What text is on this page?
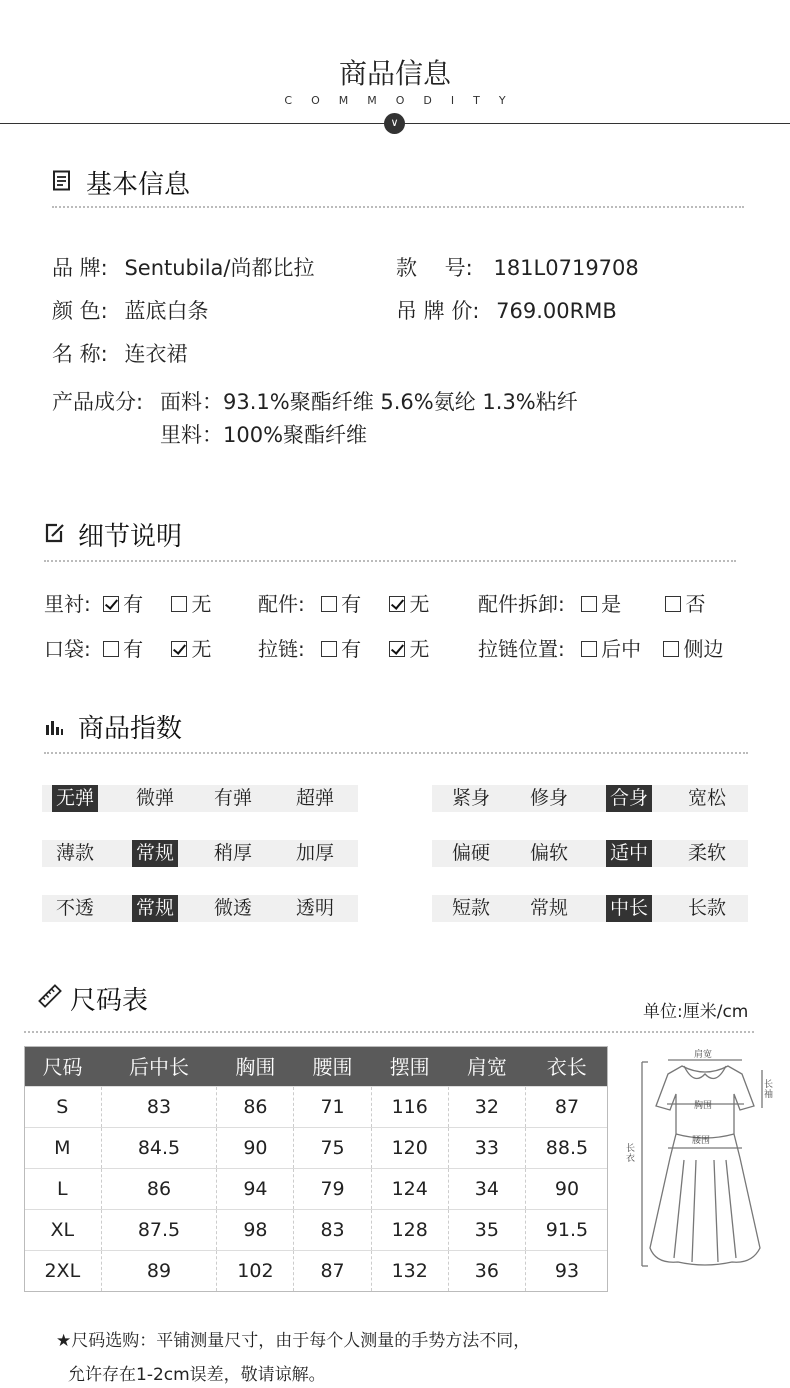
商品信息
COMMODITY
∨
基本信息
品 牌: Sentubila/尚都比拉	款　 号: 181L0719708
颜 色: 蓝底白条	吊 牌 价: 769.00RMB
名 称: 连衣裙
产品成分: 面料：93.1%聚酯纤维 5.6%氨纶 1.3%粘纤
里料：100%聚酯纤维
细节说明
里衬: 有 无 配件: 有 无 配件拆卸: 是	否
口袋: 有 无 拉链: 有 无 拉链位置: 后中 侧边
商品指数
无弹	微弹	有弹	超弹	紧身	修身	合身	宽松
薄款	常规	稍厚	加厚	偏硬	偏软	适中	柔软
不透	常规	微透	透明	短款	常规	中长	长款
尺码表	单位:厘米/cm
尺码	后中长	胸围	腰围	摆围	肩宽	衣长
S	83	86	71	116	32	87
M	84.5	90	75	120	33	88.5
L	86	94	79	124	34	90
XL	87.5	98	83	128	35	91.5
2XL	89	102	87	132	36	93
肩宽
胸围
腰围
长衣
长袖
★尺码选购：平铺测量尺寸，由于每个人测量的手势方法不同，
允许存在1-2cm误差，敬请谅解。
